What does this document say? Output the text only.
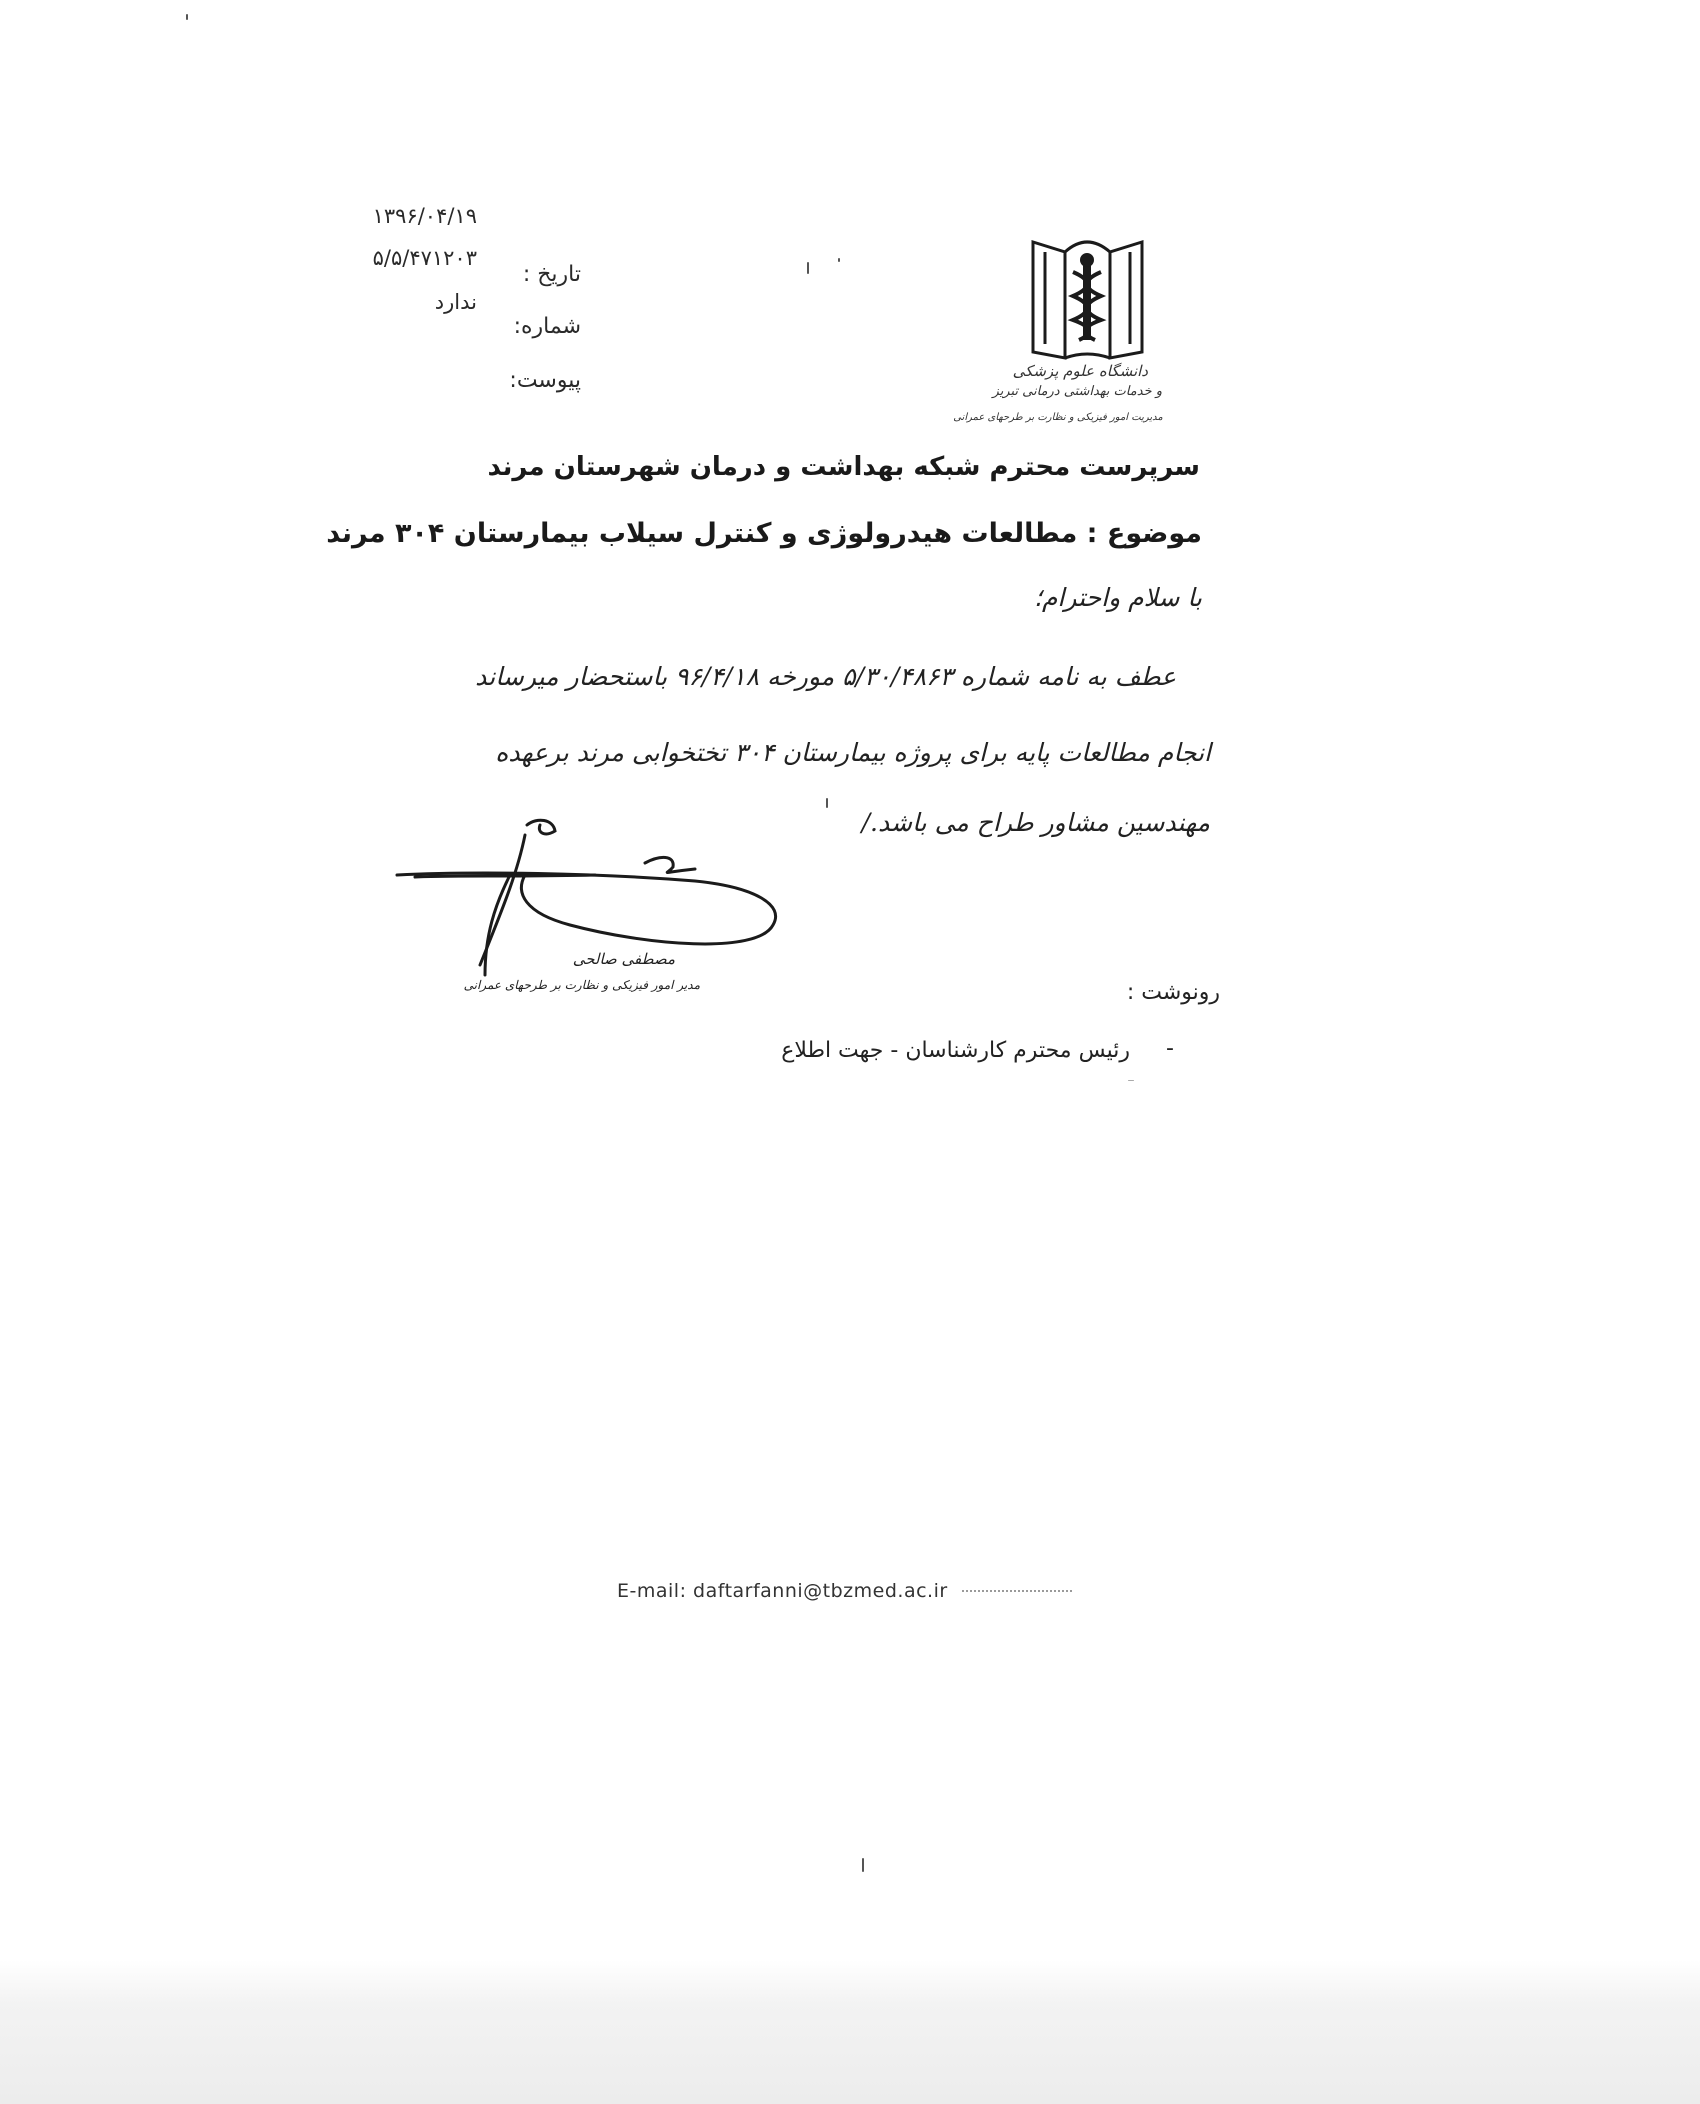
دانشگاه علوم پزشکی
و خدمات بهداشتی درمانی تبریز
مدیریت امور فیزیکی و نظارت بر طرحهای عمرانی
تاریخ :
شماره:
پیوست:
۱۳۹۶/۰۴/۱۹
۵/۵/۴۷۱۲۰۳
ندارد
سرپرست محترم شبکه بهداشت و درمان شهرستان مرند
موضوع : مطالعات هیدرولوژی و کنترل سیلاب بیمارستان ۳۰۴ مرند
با سلام واحترام؛
عطف به نامه شماره ۵/۳۰/۴۸۶۳ مورخه ۹۶/۴/۱۸ باستحضار میرساند
انجام مطالعات پایه برای پروژه بیمارستان ۳۰۴ تختخوابی مرند برعهده
مهندسین مشاور طراح می باشد./
مصطفی صالحی
مدیر امور فیزیکی و نظارت بر طرحهای عمرانی	رونوشت :
رئیس محترم کارشناسان - جهت اطلاع -
E-mail: daftarfanni@tbzmed.ac.ir
